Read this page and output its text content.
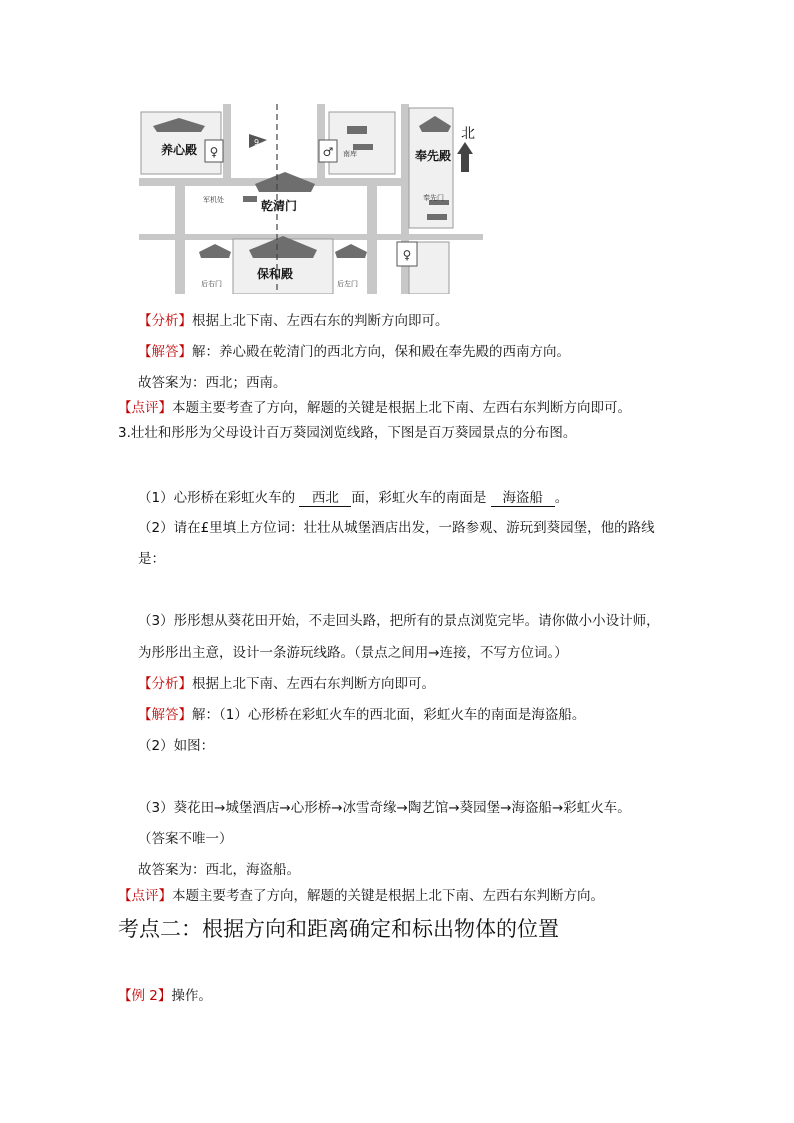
♀	♂
♀
9
养心殿	奉先殿
乾清门
保和殿
北
军机处
南库
奉先门
后右门	后左门
【分析】根据上北下南、左西右东的判断方向即可。
【解答】解：养心殿在乾清门的西北方向，保和殿在奉先殿的西南方向。
故答案为：西北；西南。
【点评】本题主要考查了方向，解题的关键是根据上北下南、左西右东判断方向即可。
3.壮壮和彤彤为父母设计百万葵园浏览线路，下图是百万葵园景点的分布图。
（1）心形桥在彩虹火车的 西北 面，彩虹火车的南面是 海盗船 。
（2）请在£里填上方位词：壮壮从城堡酒店出发，一路参观、游玩到葵园堡，他的路线
是：
（3）彤彤想从葵花田开始，不走回头路，把所有的景点浏览完毕。请你做小小设计师，
为彤彤出主意，设计一条游玩线路。（景点之间用→连接，不写方位词。）
【分析】根据上北下南、左西右东判断方向即可。
【解答】解：（1）心形桥在彩虹火车的西北面，彩虹火车的南面是海盗船。
（2）如图：
（3）葵花田→城堡酒店→心形桥→冰雪奇缘→陶艺馆→葵园堡→海盗船→彩虹火车。
（答案不唯一）
故答案为：西北，海盗船。
【点评】本题主要考查了方向，解题的关键是根据上北下南、左西右东判断方向。
考点二：根据方向和距离确定和标出物体的位置
【例 2】操作。
